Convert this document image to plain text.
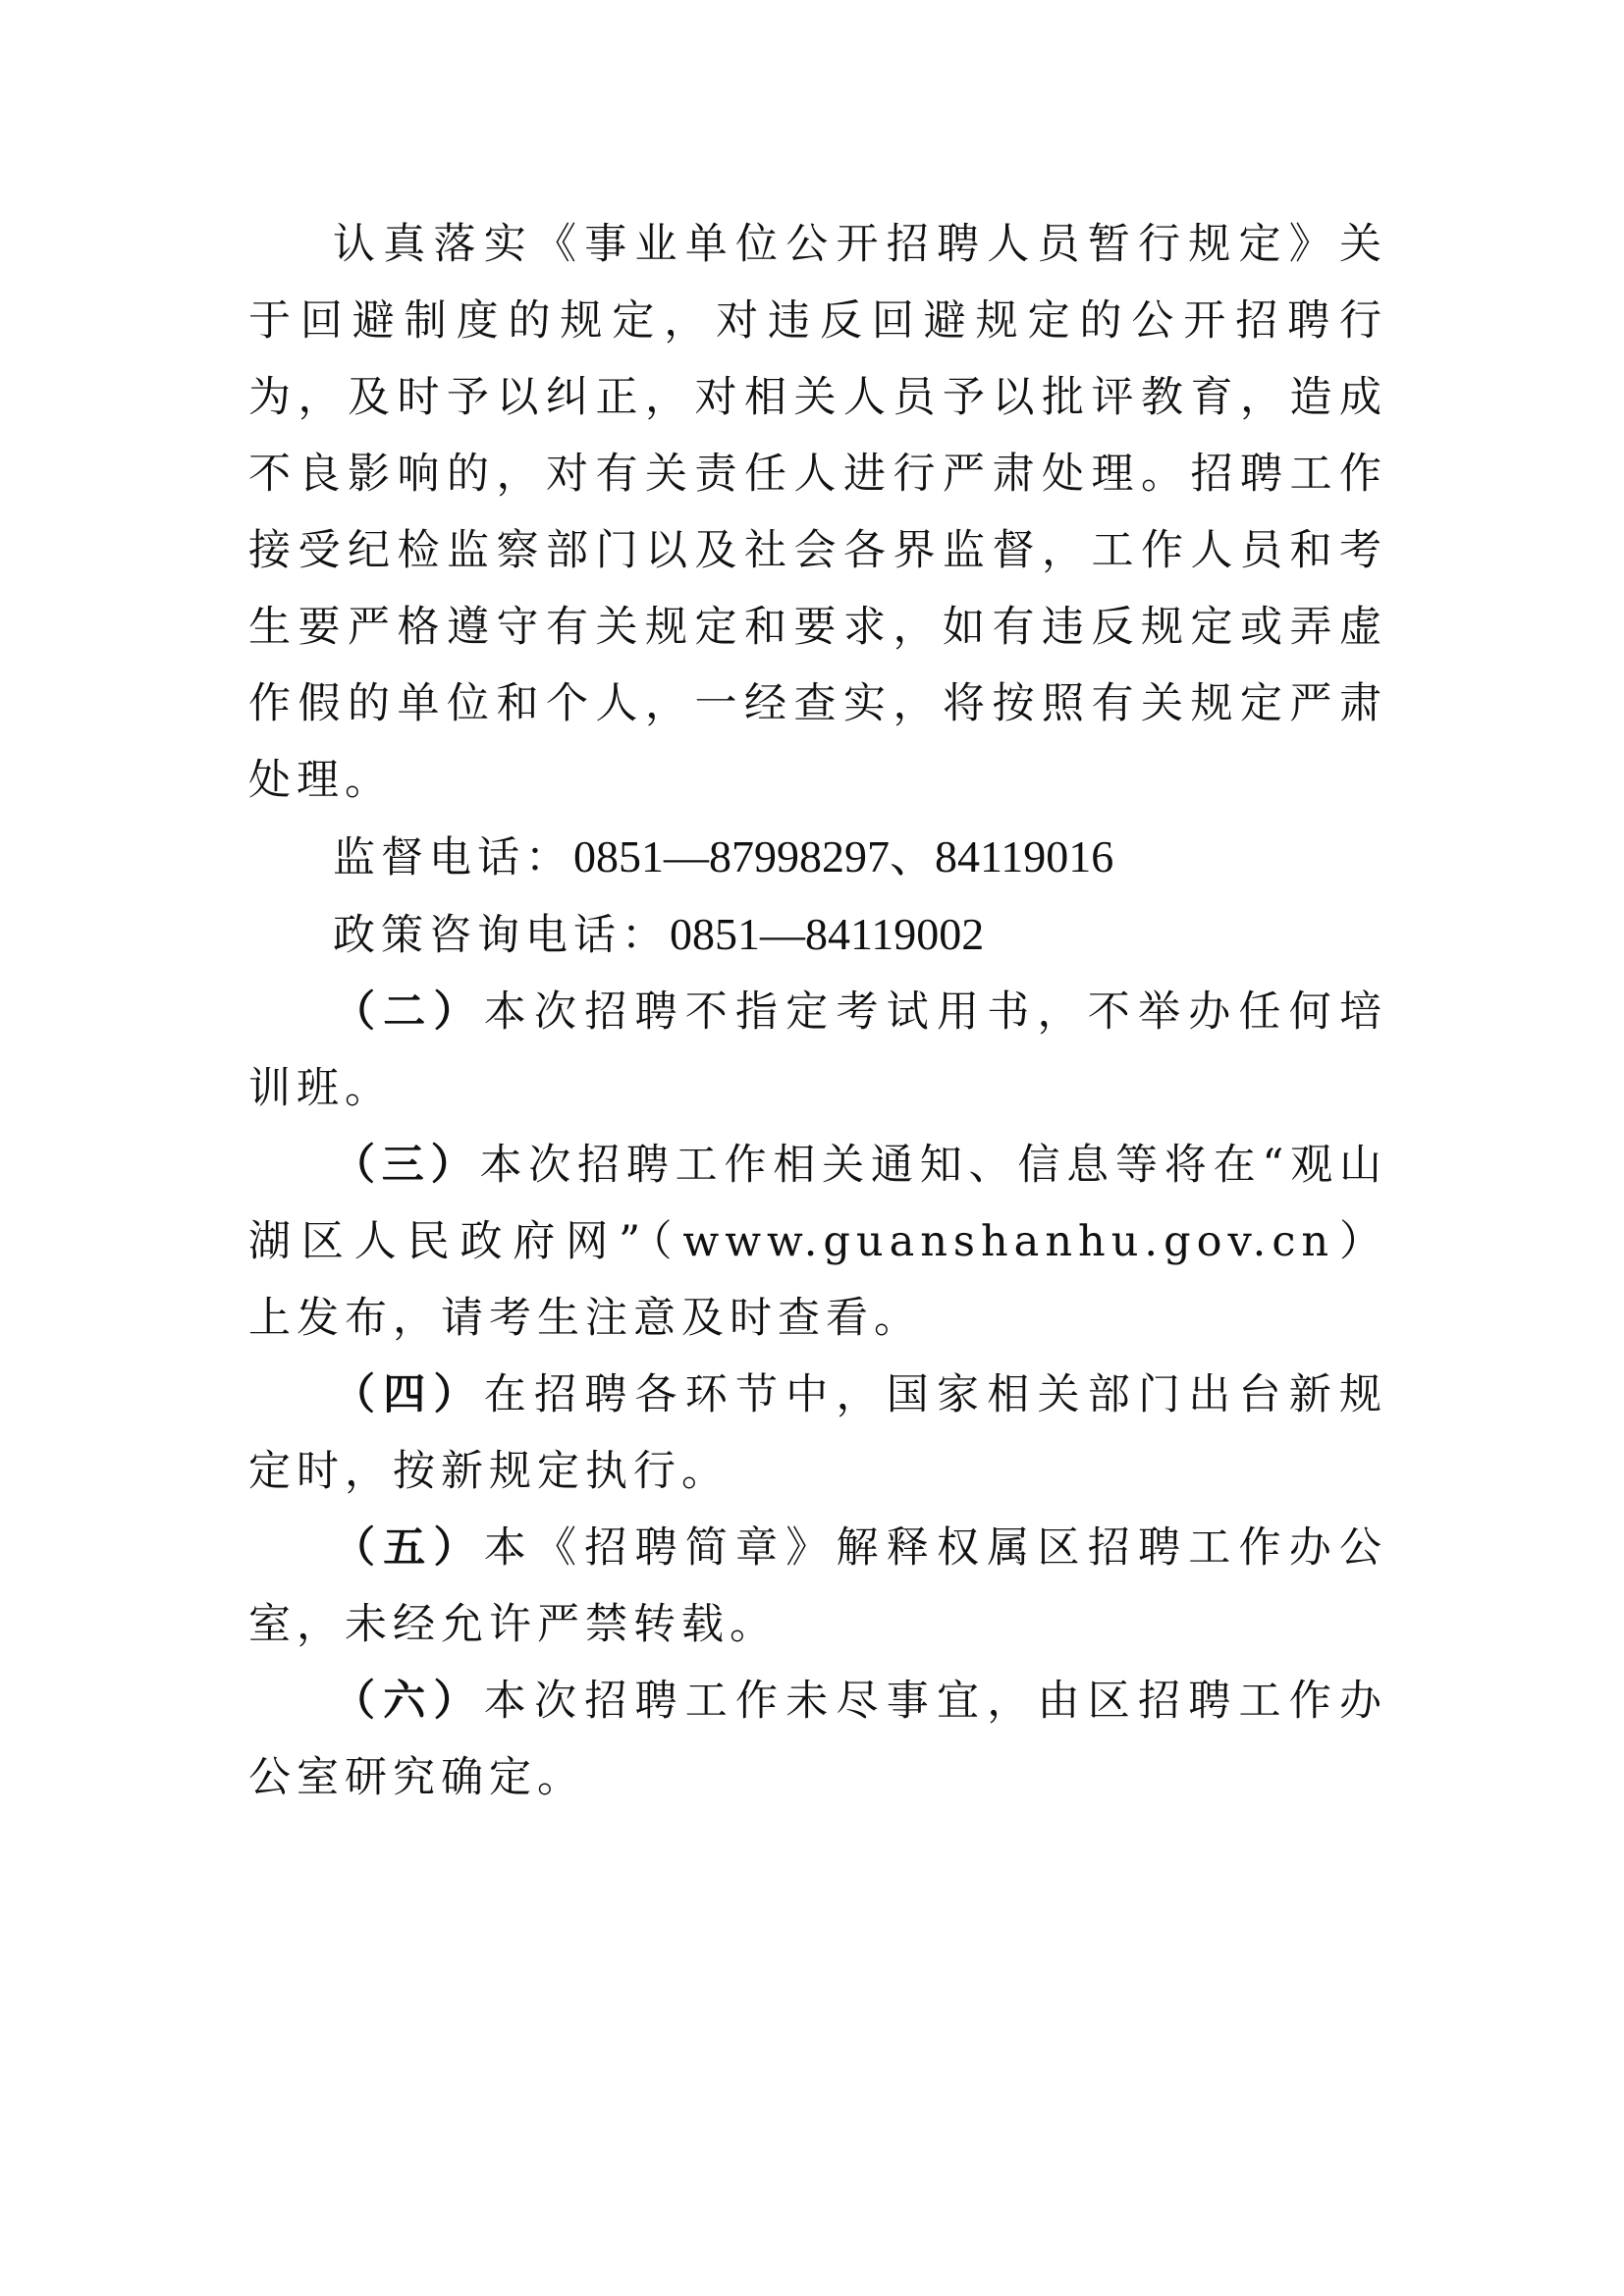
认真落实《事业单位公开招聘人员暂行规定》关于回避制度的规定，对违反回避规定的公开招聘行为，及时予以纠正，对相关人员予以批评教育，造成不良影响的，对有关责任人进行严肃处理。招聘工作接受纪检监察部门以及社会各界监督，工作人员和考生要严格遵守有关规定和要求，如有违反规定或弄虚作假的单位和个人，一经查实，将按照有关规定严肃处理。

监督电话：0851—87998297、84119016

政策咨询电话：0851—84119002

（二）本次招聘不指定考试用书，不举办任何培训班。

（三）本次招聘工作相关通知、信息等将在“观山湖区人民政府网”（www.guanshanhu.gov.cn）上发布，请考生注意及时查看。

（四）在招聘各环节中，国家相关部门出台新规定时，按新规定执行。

（五）本《招聘简章》解释权属区招聘工作办公室，未经允许严禁转载。

（六）本次招聘工作未尽事宜，由区招聘工作办公室研究确定。
